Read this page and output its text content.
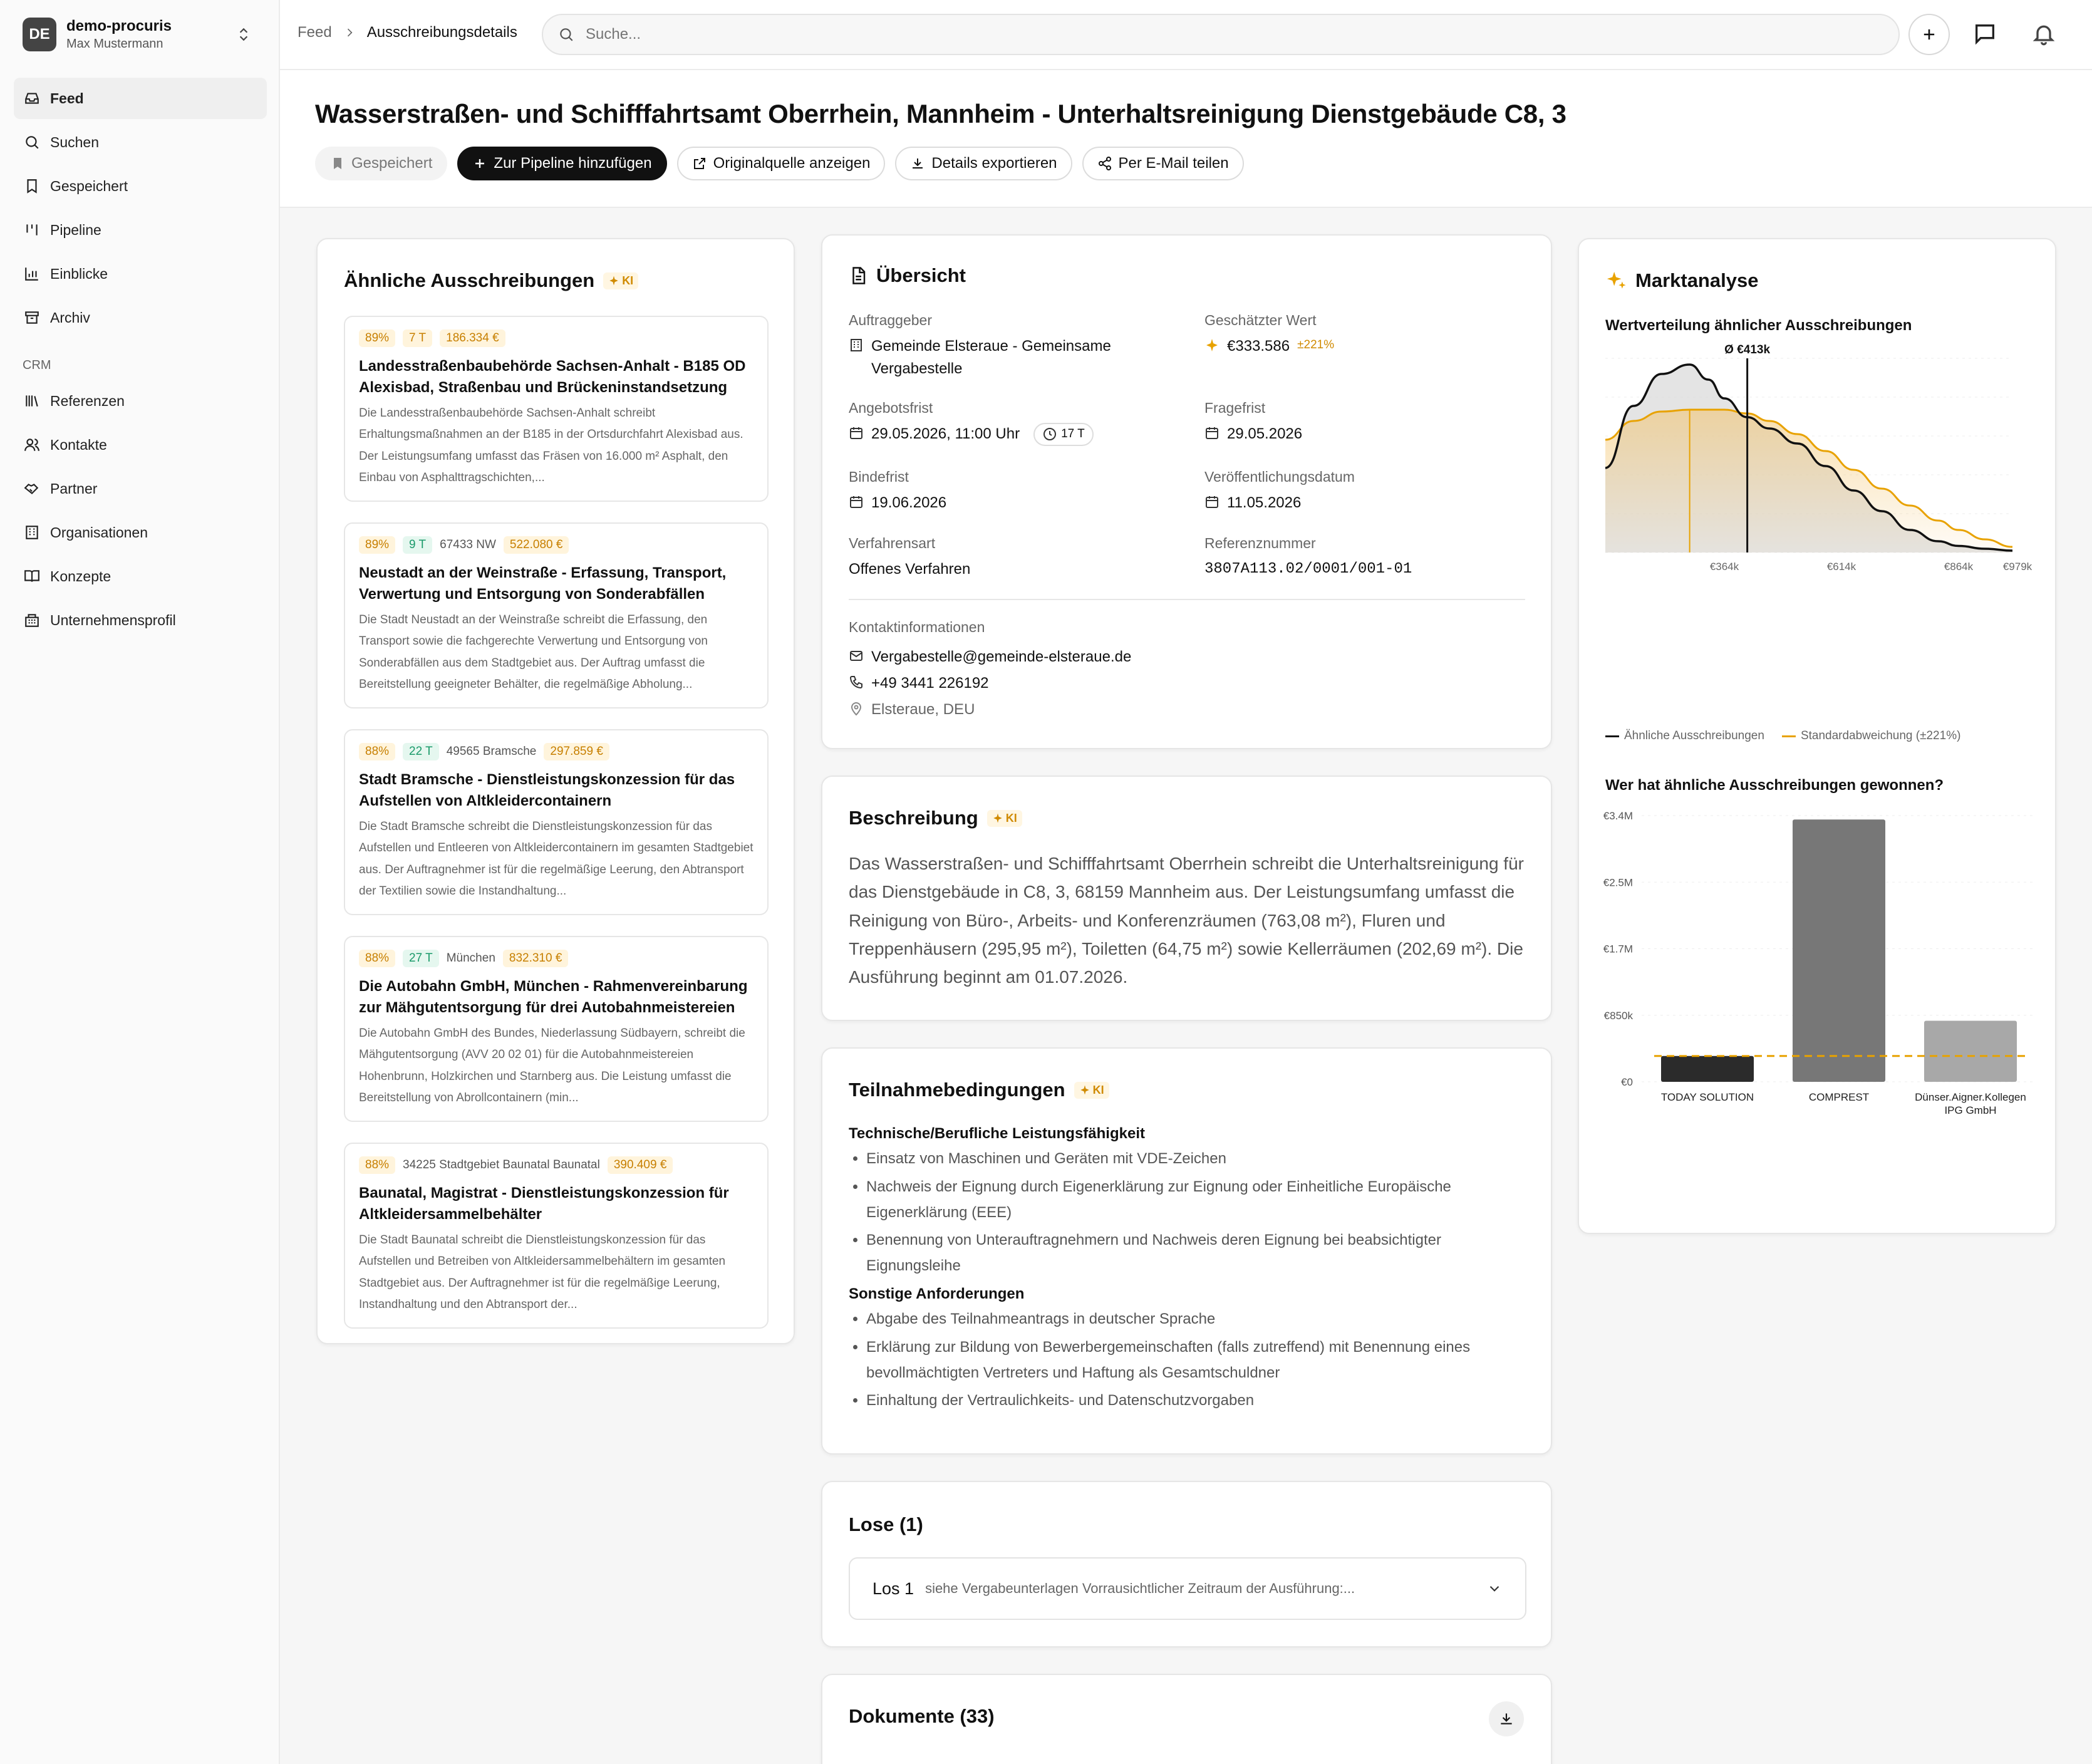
DE	demo-procuris
Max Mustermann
Feed
Suchen
Gespeichert
Pipeline
Einblicke
Archiv
CRM
Referenzen
Kontakte
Partner
Organisationen
Konzepte
Unternehmensprofil
Feed Ausschreibungsdetails
Suche...
Wasserstraßen- und Schifffahrtsamt Oberrhein, Mannheim - Unterhaltsreinigung Dienstgebäude C8, 3
Gespeichert	Zur Pipeline hinzufügen	Originalquelle anzeigen	Details exportieren	Per E-Mail teilen
Ähnliche Ausschreibungen KI
89%	7 T	186.334 €
Landesstraßenbaubehörde Sachsen-Anhalt - B185 OD Alexisbad, Straßenbau und Brückeninstandsetzung
Die Landesstraßenbaubehörde Sachsen-Anhalt schreibt Erhaltungsmaßnahmen an der B185 in der Ortsdurchfahrt Alexisbad aus. Der Leistungsumfang umfasst das Fräsen von 16.000 m² Asphalt, den Einbau von Asphalttragschichten,...
89%	9 T	67433 NW	522.080 €
Neustadt an der Weinstraße - Erfassung, Transport, Verwertung und Entsorgung von Sonderabfällen
Die Stadt Neustadt an der Weinstraße schreibt die Erfassung, den Transport sowie die fachgerechte Verwertung und Entsorgung von Sonderabfällen aus dem Stadtgebiet aus. Der Auftrag umfasst die Bereitstellung geeigneter Behälter, die regelmäßige Abholung...
88%	22 T	49565 Bramsche	297.859 €
Stadt Bramsche - Dienstleistungskonzession für das Aufstellen von Altkleidercontainern
Die Stadt Bramsche schreibt die Dienstleistungskonzession für das Aufstellen und Entleeren von Altkleidercontainern im gesamten Stadtgebiet aus. Der Auftragnehmer ist für die regelmäßige Leerung, den Abtransport der Textilien sowie die Instandhaltung...
88%	27 T	München	832.310 €
Die Autobahn GmbH, München - Rahmenvereinbarung zur Mähgutentsorgung für drei Autobahnmeistereien
Die Autobahn GmbH des Bundes, Niederlassung Südbayern, schreibt die Mähgutentsorgung (AVV 20 02 01) für die Autobahnmeistereien Hohenbrunn, Holzkirchen und Starnberg aus. Die Leistung umfasst die Bereitstellung von Abrollcontainern (min...
88%	34225 Stadtgebiet Baunatal Baunatal	390.409 €
Baunatal, Magistrat - Dienstleistungskonzession für Altkleidersammelbehälter
Die Stadt Baunatal schreibt die Dienstleistungskonzession für das Aufstellen und Betreiben von Altkleidersammelbehältern im gesamten Stadtgebiet aus. Der Auftragnehmer ist für die regelmäßige Leerung, Instandhaltung und den Abtransport der...
Übersicht
Auftraggeber
Gemeinde Elsteraue - Gemeinsame Vergabestelle
Geschätzter Wert
€333.586 ±221%
Angebotsfrist
29.05.2026, 11:00 Uhr	17 T
Fragefrist
29.05.2026
Bindefrist
19.06.2026
Veröffentlichungsdatum
11.05.2026
Verfahrensart
Offenes Verfahren
Referenznummer
3807A113.02/0001/001-01
Kontaktinformationen
Vergabestelle@gemeinde-elsteraue.de
+49 3441 226192
Elsteraue, DEU
Beschreibung KI

Das Wasserstraßen- und Schifffahrtsamt Oberrhein schreibt die Unterhaltsreinigung für das Dienstgebäude in C8, 3, 68159 Mannheim aus. Der Leistungsumfang umfasst die Reinigung von Büro-, Arbeits- und Konferenzräumen (763,08 m²), Fluren und Treppenhäusern (295,95 m²), Toiletten (64,75 m²) sowie Kellerräumen (202,69 m²). Die Ausführung beginnt am 01.07.2026.

Teilnahmebedingungen KI
Technische/Berufliche Leistungsfähigkeit
• Einsatz von Maschinen und Geräten mit VDE-Zeichen
• Nachweis der Eignung durch Eigenerklärung zur Eignung oder Einheitliche Europäische Eigenerklärung (EEE)
• Benennung von Unterauftragnehmern und Nachweis deren Eignung bei beabsichtigter Eignungsleihe
Sonstige Anforderungen
• Abgabe des Teilnahmeantrags in deutscher Sprache
• Erklärung zur Bildung von Bewerbergemeinschaften (falls zutreffend) mit Benennung eines bevollmächtigten Vertreters und Haftung als Gesamtschuldner
• Einhaltung der Vertraulichkeits- und Datenschutzvorgaben
Lose (1)
Los 1 siehe Vergabeunterlagen Vorrausichtlicher Zeitraum der Ausführung:...
Dokumente (33)
Marktanalyse
Wertverteilung ähnlicher Ausschreibungen
Ø €413k
€364k	€614k	€864k	€979k
Ähnliche Ausschreibungen	Standardabweichung (±221%)
Wer hat ähnliche Ausschreibungen gewonnen?
€0
€850k
€1.7M
€2.5M
€3.4M
TODAY SOLUTION	COMPREST	Dünser.Aigner.Kollegen IPG GmbH
